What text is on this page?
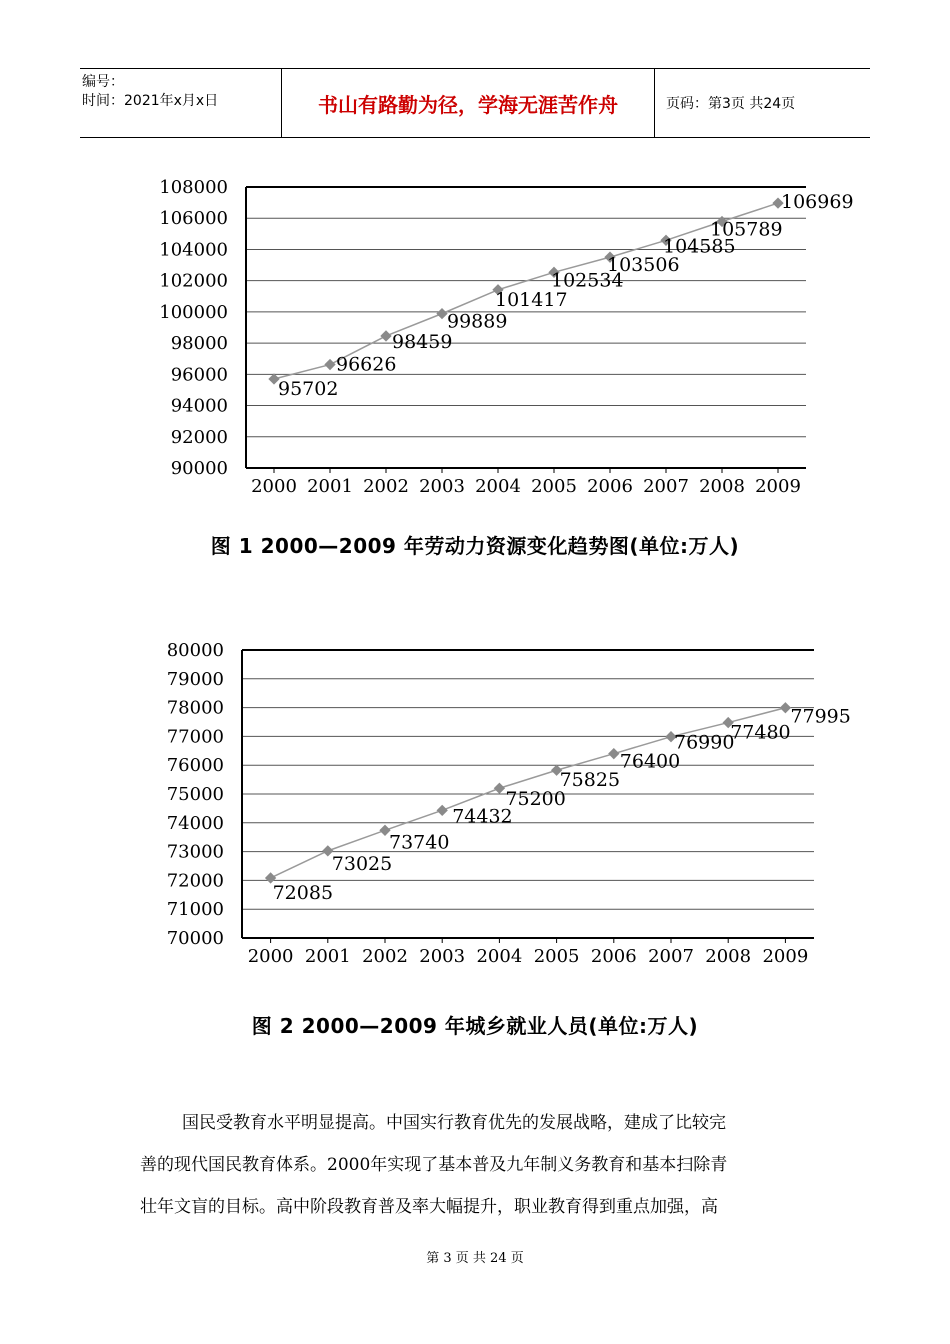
编号：
时间：2021年x月x日	书山有路勤为径，学海无涯苦作舟	页码：第3页 共24页
108000
106000
104000
102000
100000
98000
96000
94000
92000
90000
2000 2001 2002 2003 2004 2005 2006 2007 2008 2009
95702
96626
98459
99889
101417
102534
103506
104585
105789
106969
图 1 2000—2009 年劳动力资源变化趋势图(单位:万人)
80000
79000
78000
77000
76000
75000
74000
73000
72000
71000
70000
2000 2001 2002 2003 2004 2005 2006 2007 2008 2009
72085
73025
73740
74432
75200
75825
76400
76990
77480
77995
图 2 2000—2009 年城乡就业人员(单位:万人)

国民受教育水平明显提高。中国实行教育优先的发展战略，建成了比较完

善的现代国民教育体系。2000年实现了基本普及九年制义务教育和基本扫除青

壮年文盲的目标。高中阶段教育普及率大幅提升，职业教育得到重点加强，高

第 3 页 共 24 页
